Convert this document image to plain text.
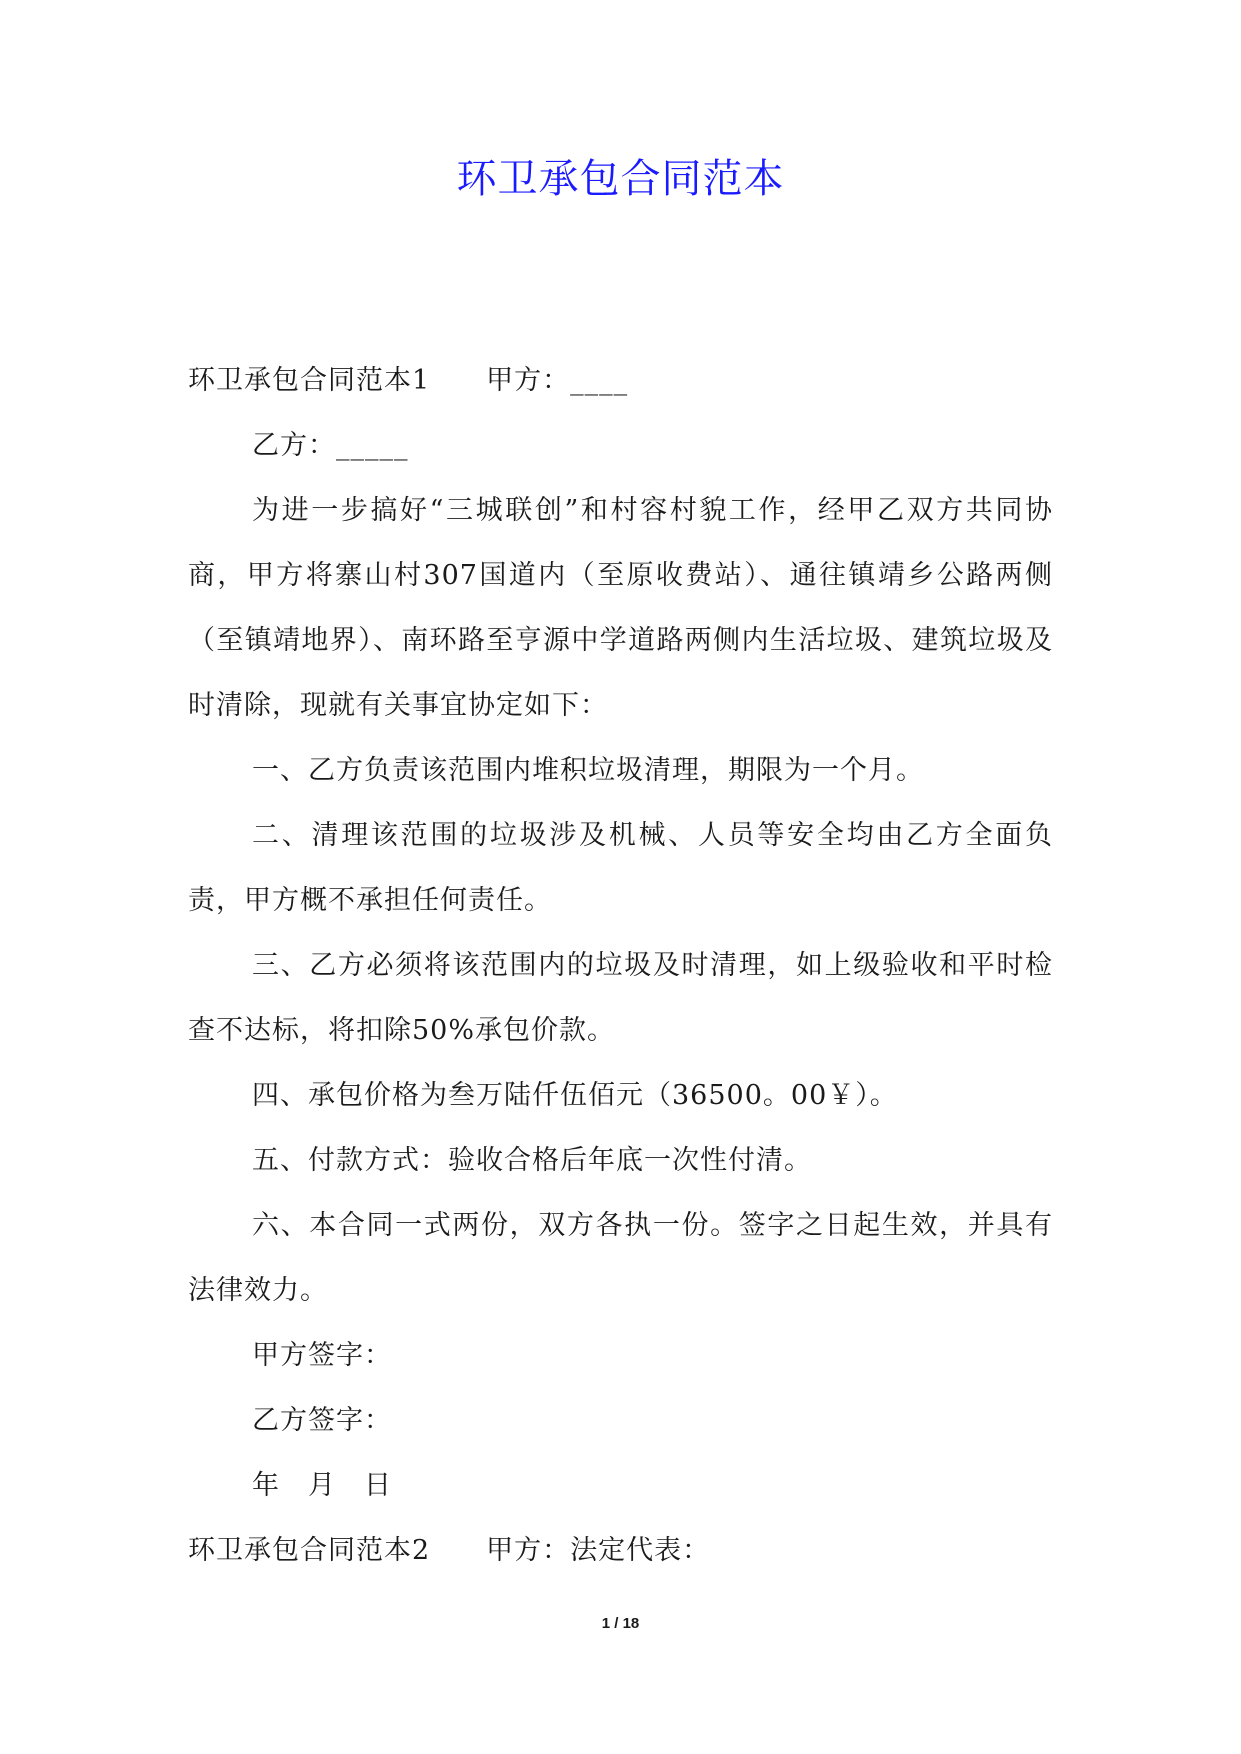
环卫承包合同范本

环卫承包合同范本1　　甲方：____

乙方：_____

为进一步搞好“三城联创”和村容村貌工作，经甲乙双方共同协商，甲方将寨山村307国道内（至原收费站）、通往镇靖乡公路两侧（至镇靖地界）、南环路至亨源中学道路两侧内生活垃圾、建筑垃圾及时清除，现就有关事宜协定如下：

一、乙方负责该范围内堆积垃圾清理，期限为一个月。

二、清理该范围的垃圾涉及机械、人员等安全均由乙方全面负责，甲方概不承担任何责任。

三、乙方必须将该范围内的垃圾及时清理，如上级验收和平时检查不达标，将扣除50%承包价款。

四、承包价格为叁万陆仟伍佰元（36500。00￥）。

五、付款方式：验收合格后年底一次性付清。

六、本合同一式两份，双方各执一份。签字之日起生效，并具有法律效力。

甲方签字：

乙方签字：

年　月　日

环卫承包合同范本2　　甲方：法定代表：

1 / 18
